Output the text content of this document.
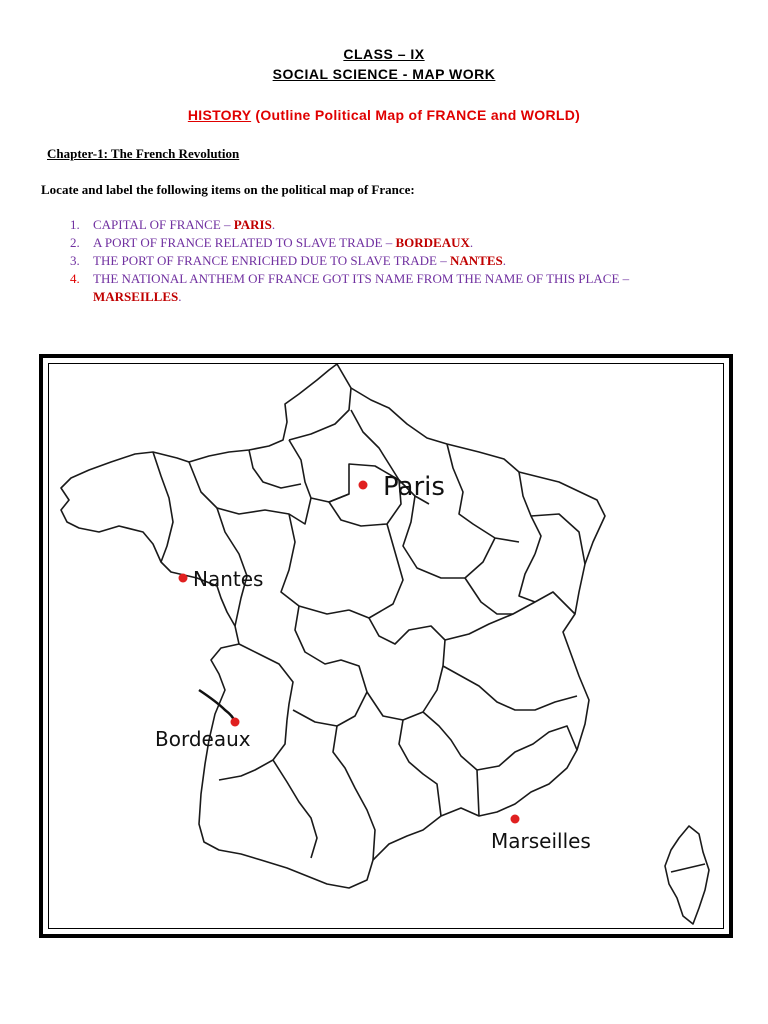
CLASS – IX
SOCIAL SCIENCE - MAP WORK
HISTORY (Outline Political Map of FRANCE and WORLD)
Chapter-1: The French Revolution
Locate and label the following items on the political map of France:
1. CAPITAL OF FRANCE – PARIS.
2. A PORT OF FRANCE RELATED TO SLAVE TRADE – BORDEAUX.
3. THE PORT OF FRANCE ENRICHED DUE TO SLAVE TRADE – NANTES.
4. THE NATIONAL ANTHEM OF FRANCE GOT ITS NAME FROM THE NAME OF THIS PLACE – MARSEILLES.
Paris
Nantes
Bordeaux
Marseilles
